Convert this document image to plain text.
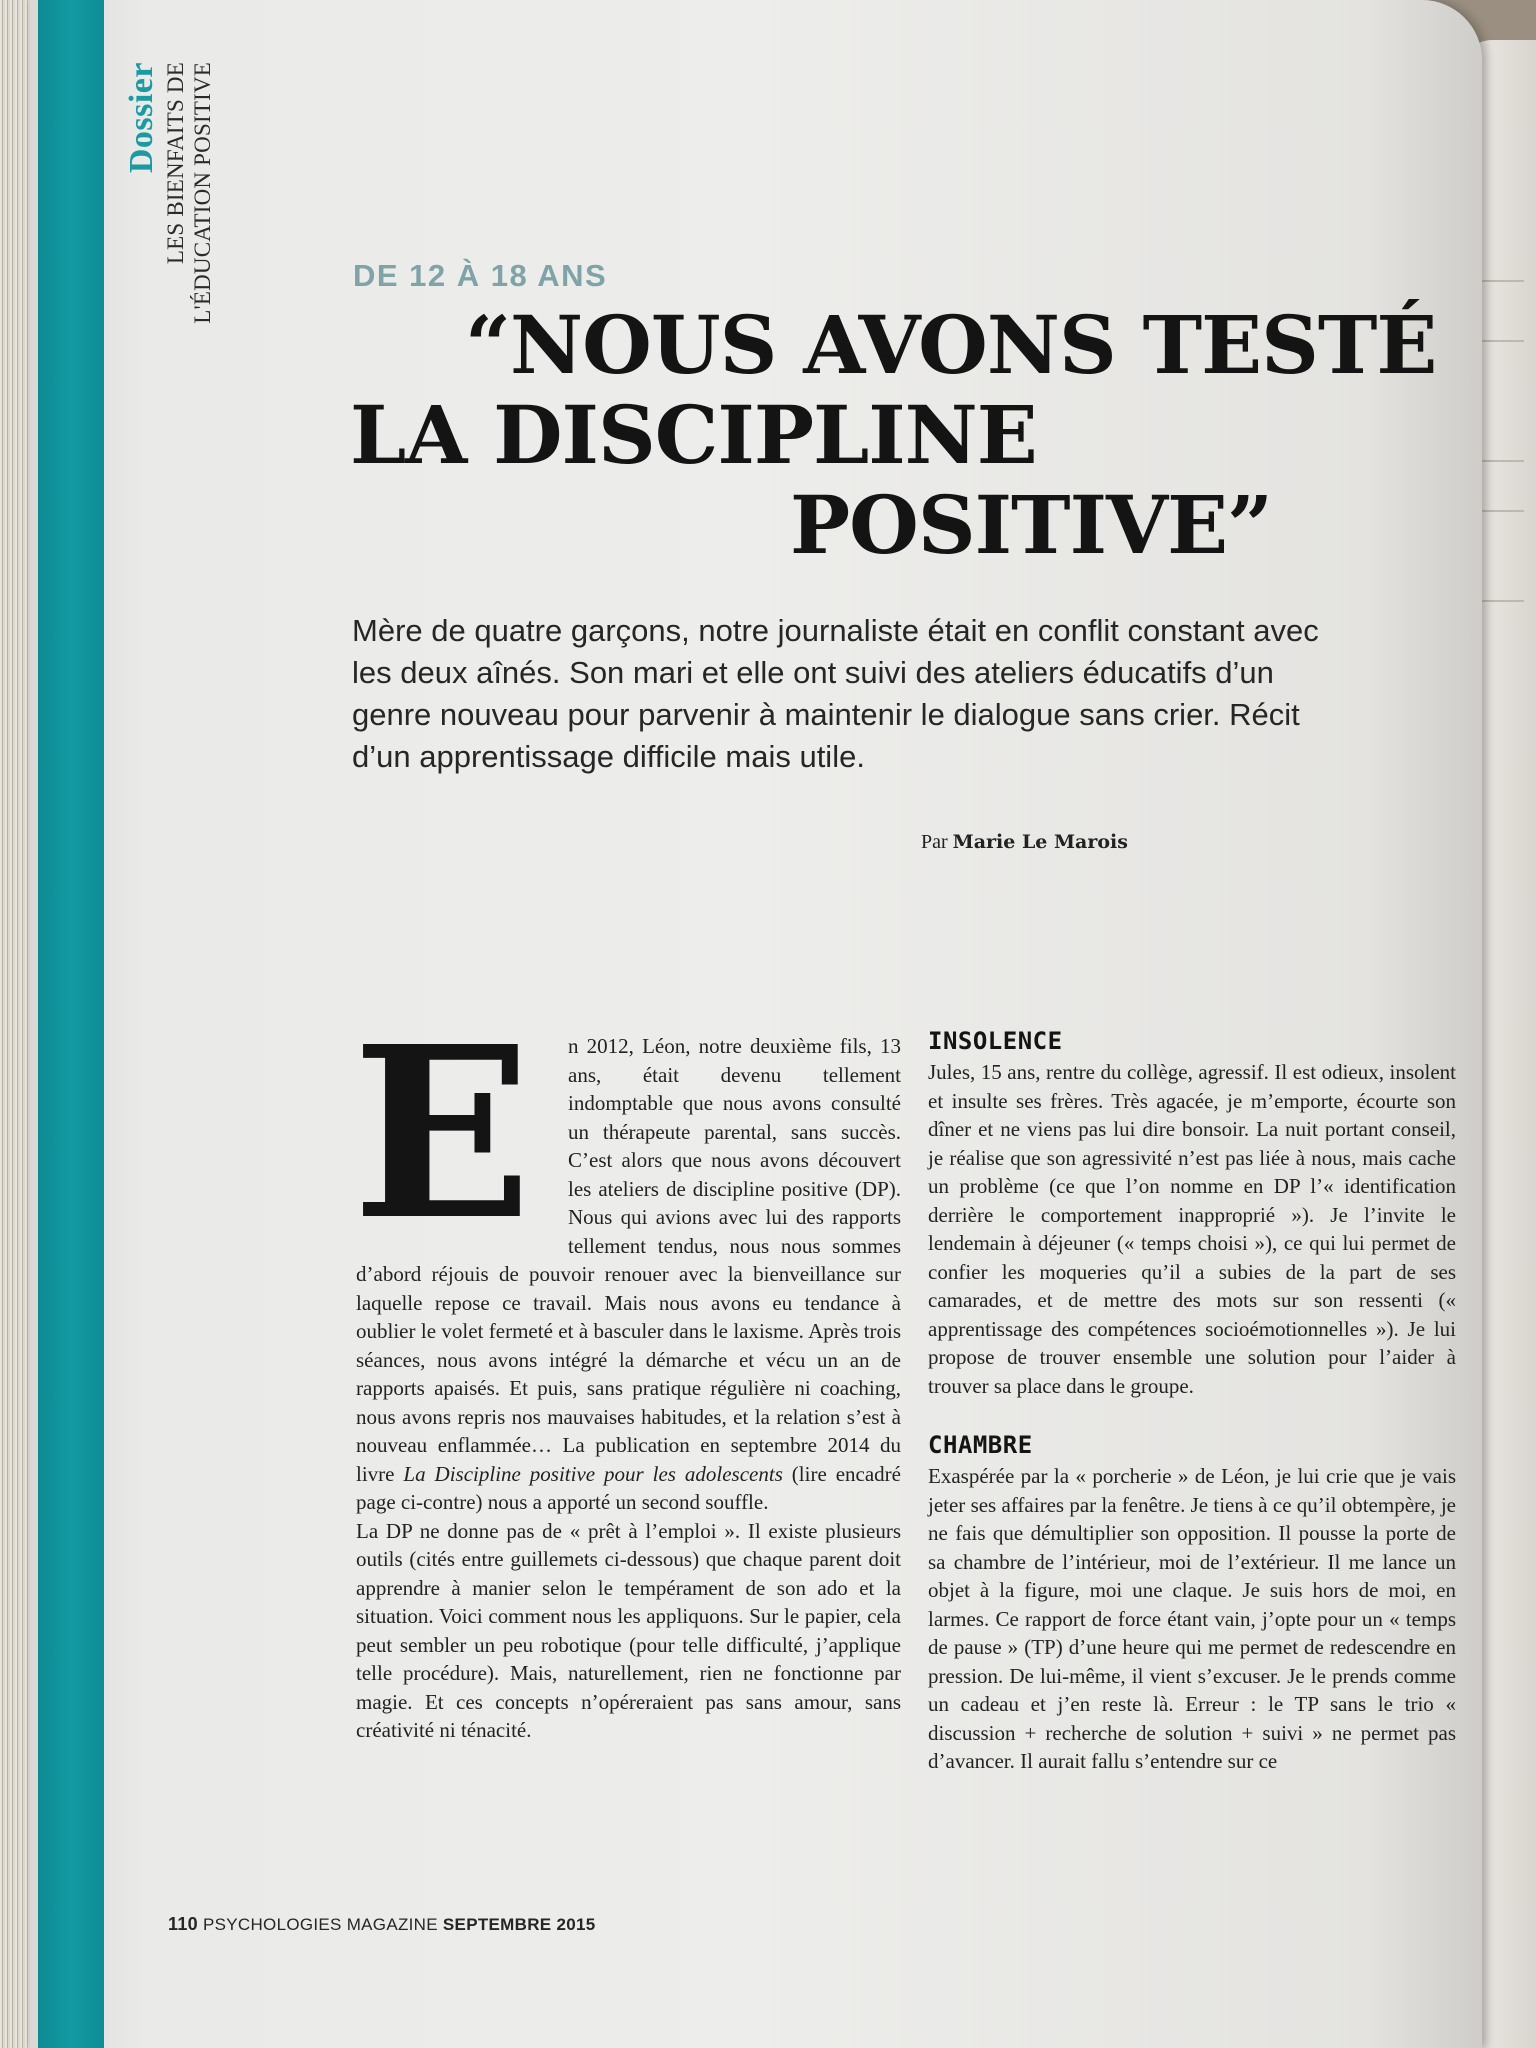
Dossier LES BIENFAITS DE L'ÉDUCATION POSITIVE	DE 12 À 18 ANS
“NOUS AVONS TESTÉ
LA DISCIPLINE
POSITIVE”
Mère de quatre garçons, notre journaliste était en conflit constant avec les deux aînés. Son mari et elle ont suivi des ateliers éducatifs d’un genre nouveau pour parvenir à maintenir le dialogue sans crier. Récit d’un apprentissage difficile mais utile.
Par Marie Le Marois
E	n 2012, Léon, notre deuxième fils, 13 ans, était devenu tellement indomptable que nous avons consulté un thérapeute parental, sans succès. C’est alors que nous avons découvert les ateliers de discipline positive (DP). Nous qui avions avec lui des rapports tellement tendus, nous nous sommes d’abord réjouis de pouvoir renouer avec la bienveillance sur laquelle repose ce travail. Mais nous avons eu tendance à oublier le volet fermeté et à basculer dans le laxisme. Après trois séances, nous avons intégré la démarche et vécu un an de rapports apaisés. Et puis, sans pratique régulière ni coaching, nous avons repris nos mauvaises habitudes, et la relation s’est à nouveau enflammée… La publication en septembre 2014 du livre La Discipline positive pour les adolescents (lire encadré page ci-contre) nous a apporté un second souffle.

La DP ne donne pas de « prêt à l’emploi ». Il existe plusieurs outils (cités entre guillemets ci-dessous) que chaque parent doit apprendre à manier selon le tempérament de son ado et la situation. Voici comment nous les appliquons. Sur le papier, cela peut sembler un peu robotique (pour telle difficulté, j’applique telle procédure). Mais, naturellement, rien ne fonctionne par magie. Et ces concepts n’opéreraient pas sans amour, sans créativité ni ténacité.

INSOLENCE

Jules, 15 ans, rentre du collège, agressif. Il est odieux, insolent et insulte ses frères. Très agacée, je m’emporte, écourte son dîner et ne viens pas lui dire bonsoir. La nuit portant conseil, je réalise que son agressivité n’est pas liée à nous, mais cache un problème (ce que l’on nomme en DP l’« identification derrière le comportement inapproprié »). Je l’invite le lendemain à déjeuner (« temps choisi »), ce qui lui permet de confier les moqueries qu’il a subies de la part de ses camarades, et de mettre des mots sur son ressenti (« apprentissage des compétences socioémotionnelles »). Je lui propose de trouver ensemble une solution pour l’aider à trouver sa place dans le groupe.

CHAMBRE

Exaspérée par la « porcherie » de Léon, je lui crie que je vais jeter ses affaires par la fenêtre. Je tiens à ce qu’il obtempère, je ne fais que démultiplier son opposition. Il pousse la porte de sa chambre de l’intérieur, moi de l’extérieur. Il me lance un objet à la figure, moi une claque. Je suis hors de moi, en larmes. Ce rapport de force étant vain, j’opte pour un « temps de pause » (TP) d’une heure qui me permet de redescendre en pression. De lui-même, il vient s’excuser. Je le prends comme un cadeau et j’en reste là. Erreur : le TP sans le trio « discussion + recherche de solution + suivi » ne permet pas d’avancer. Il aurait fallu s’entendre sur ce

110 PSYCHOLOGIES MAGAZINE SEPTEMBRE 2015
